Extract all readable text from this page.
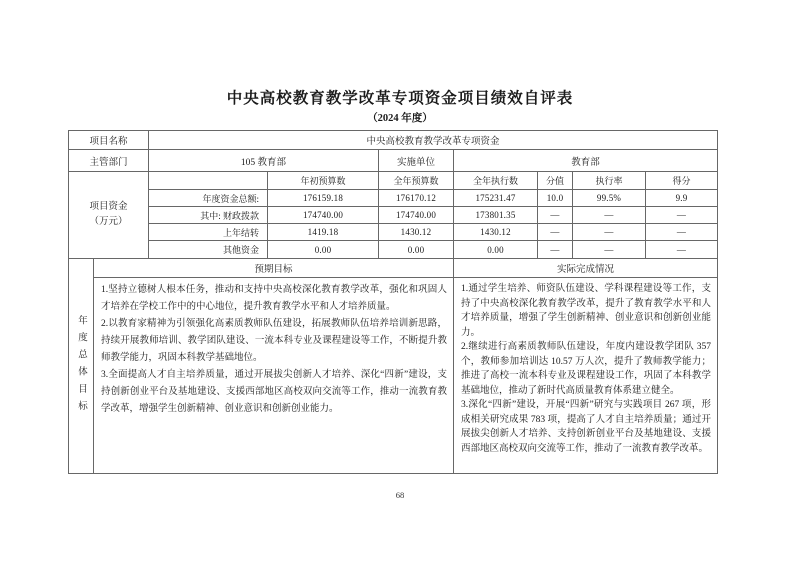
中央高校教育教学改革专项资金项目绩效自评表
（2024 年度）
项目名称	中央高校教育教学改革专项资金
主管部门	105 教育部	实施单位	教育部
项目资金
（万元）
年初预算数	全年预算数	全年执行数	分值	执行率	得分
年度资金总额:	176159.18	176170.12	175231.47	10.0	99.5%	9.9
其中: 财政拨款	174740.00	174740.00	173801.35	—	—	—
上年结转	1419.18	1430.12	1430.12	—	—	—
其他资金	0.00	0.00	0.00	—	—	—
年度总体目标
预期目标	实际完成情况

1.坚持立德树人根本任务，推动和支持中央高校深化教育教学改革，强化和巩固人才培养在学校工作中的中心地位，提升教育教学水平和人才培养质量。

2.以教育家精神为引领强化高素质教师队伍建设，拓展教师队伍培养培训新思路，持续开展教师培训、教学团队建设、一流本科专业及课程建设等工作，不断提升教师教学能力，巩固本科教学基础地位。

3.全面提高人才自主培养质量，通过开展拔尖创新人才培养、深化“四新”建设，支持创新创业平台及基地建设、支援西部地区高校双向交流等工作，推动一流教育教学改革，增强学生创新精神、创业意识和创新创业能力。

1.通过学生培养、师资队伍建设、学科课程建设等工作，支持了中央高校深化教育教学改革，提升了教育教学水平和人才培养质量，增强了学生创新精神、创业意识和创新创业能力。

2.继续进行高素质教师队伍建设，年度内建设教学团队 357 个，教师参加培训达 10.57 万人次，提升了教师教学能力；推进了高校一流本科专业及课程建设工作，巩固了本科教学基础地位，推动了新时代高质量教育体系建立健全。

3.深化“四新”建设，开展“四新”研究与实践项目 267 项，形成相关研究成果 783 项，提高了人才自主培养质量；通过开展拔尖创新人才培养、支持创新创业平台及基地建设、支援西部地区高校双向交流等工作，推动了一流教育教学改革。

68
